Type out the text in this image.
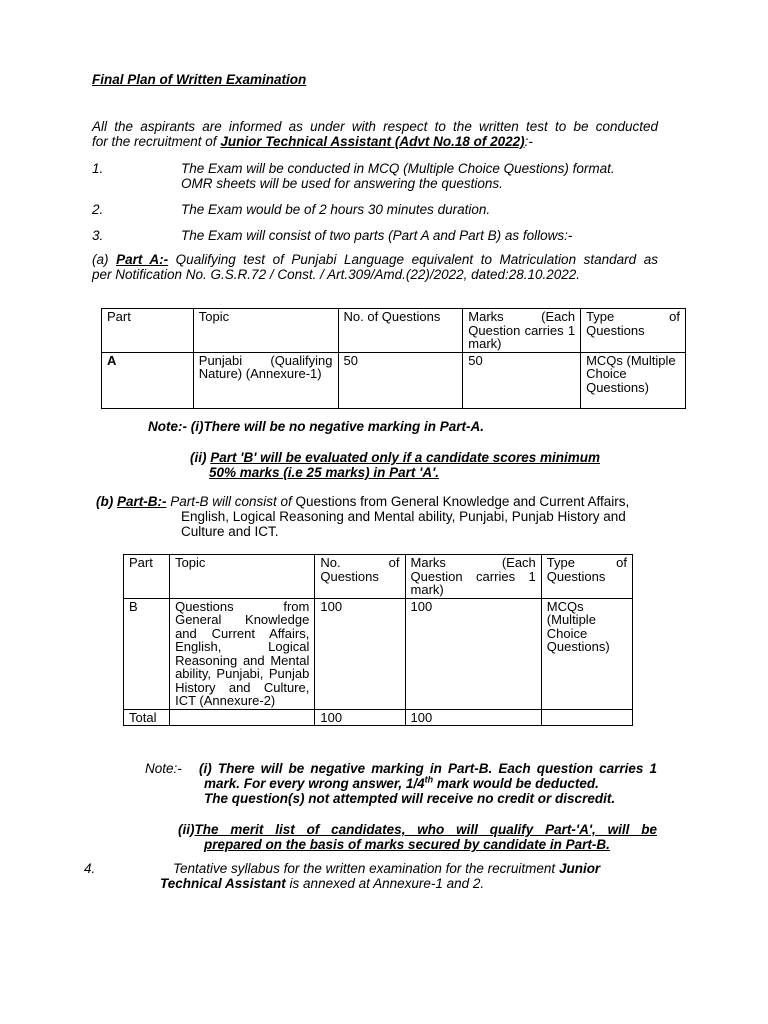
Final Plan of Written Examination
All the aspirants are informed as under with respect to the written test to be conducted
for the recruitment of Junior Technical Assistant (Advt No.18 of 2022):-
1.	The Exam will be conducted in MCQ (Multiple Choice Questions) format.
OMR sheets will be used for answering the questions.
2.	The Exam would be of 2 hours 30 minutes duration.
3.	The Exam will consist of two parts (Part A and Part B) as follows:-
(a) Part A:- Qualifying test of Punjabi Language equivalent to Matriculation standard as
per Notification No. G.S.R.72 / Const. / Art.309/Amd.(22)/2022, dated:28.10.2022.
Part	Topic	No. of Questions	Marks (Each Question carries 1 mark)	Type of Questions
A	Punjabi (Qualifying Nature) (Annexure-1)	50	50	MCQs (Multiple Choice Questions)
Note:- (i)There will be no negative marking in Part-A.
(ii) Part 'B' will be evaluated only if a candidate scores minimum
50% marks (i.e 25 marks) in Part 'A'.
(b) Part-B:- Part-B will consist of Questions from General Knowledge and Current Affairs,
English, Logical Reasoning and Mental ability, Punjabi, Punjab History and
Culture and ICT.
Part	Topic	No. of Questions	Marks (Each Question carries 1 mark)	Type of Questions
B	Questions from General Knowledge and Current Affairs, English, Logical Reasoning and Mental ability, Punjabi, Punjab History and Culture, ICT (Annexure-2)	100	100	MCQs (Multiple Choice Questions)
Total		100	100	
Note:- (i) There will be negative marking in Part-B. Each question carries 1
mark. For every wrong answer, 1/4th mark would be deducted.
The question(s) not attempted will receive no credit or discredit.
(ii)The merit list of candidates, who will qualify Part-'A', will be
prepared on the basis of marks secured by candidate in Part-B.
4.	Tentative syllabus for the written examination for the recruitment Junior
Technical Assistant is annexed at Annexure-1 and 2.
